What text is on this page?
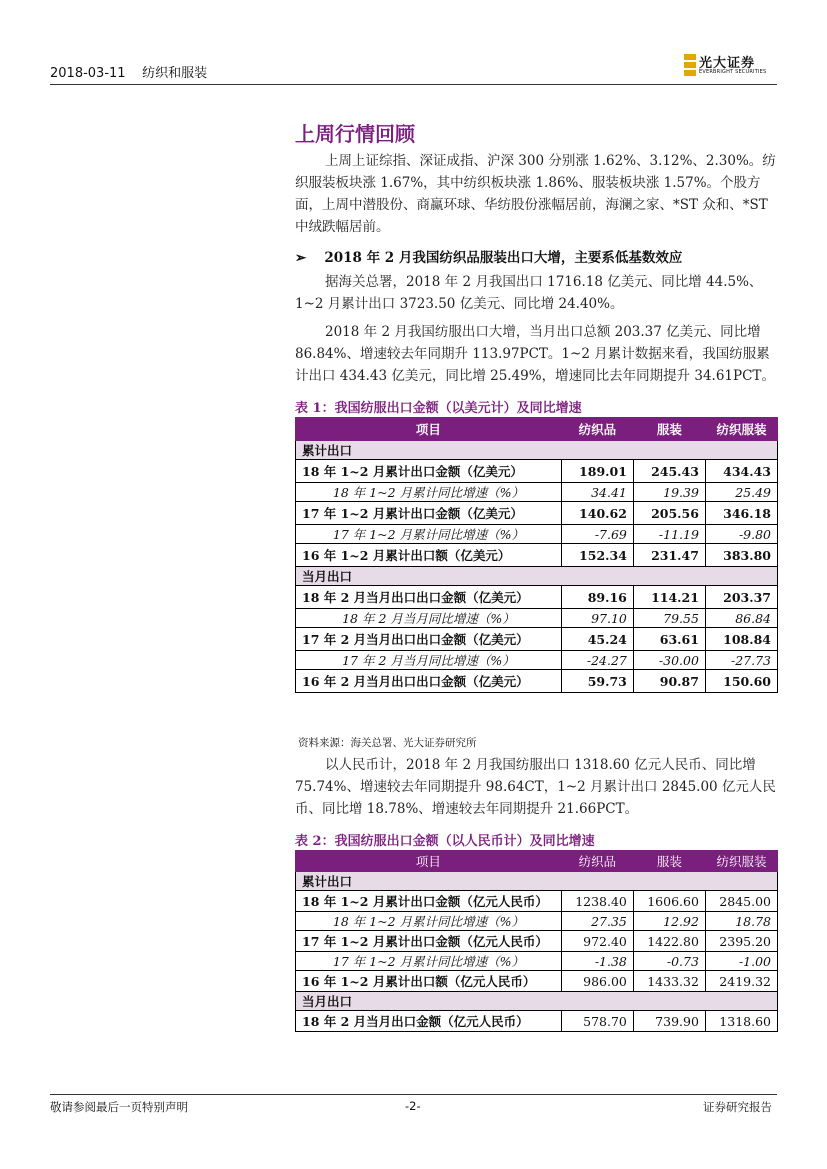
2018-03-11    纺织和服装
光大证券
EVERBRIGHT SECURITIES
上周行情回顾
上周上证综指、深证成指、沪深 300 分别涨 1.62%、3.12%、2.30%。纺织服装板块涨 1.67%，其中纺织板块涨 1.86%、服装板块涨 1.57%。个股方面，上周中潜股份、商赢环球、华纺股份涨幅居前，海澜之家、*ST 众和、*ST 中绒跌幅居前。
➢ 2018 年 2 月我国纺织品服装出口大增，主要系低基数效应
据海关总署，2018 年 2 月我国出口 1716.18 亿美元、同比增 44.5%、1~2 月累计出口 3723.50 亿美元、同比增 24.40%。
2018 年 2 月我国纺服出口大增，当月出口总额 203.37 亿美元、同比增 86.84%、增速较去年同期升 113.97PCT。1~2 月累计数据来看，我国纺服累计出口 434.43 亿美元，同比增 25.49%，增速同比去年同期提升 34.61PCT。
表 1：我国纺服出口金额（以美元计）及同比增速
项目	纺织品	服装	纺织服装
累计出口			
18 年 1~2 月累计出口金额（亿美元）	189.01	245.43	434.43
18 年 1~2 月累计同比增速（%）	34.41	19.39	25.49
17 年 1~2 月累计出口金额（亿美元）	140.62	205.56	346.18
17 年 1~2 月累计同比增速（%）	-7.69	-11.19	-9.80
16 年 1~2 月累计出口额（亿美元）	152.34	231.47	383.80
当月出口			
18 年 2 月当月出口出口金额（亿美元）	89.16	114.21	203.37
18 年 2 月当月同比增速（%）	97.10	79.55	86.84
17 年 2 月当月出口出口金额（亿美元）	45.24	63.61	108.84
17 年 2 月当月同比增速（%）	-24.27	-30.00	-27.73
16 年 2 月当月出口出口金额（亿美元）	59.73	90.87	150.60
资料来源：海关总署、光大证券研究所
以人民币计，2018 年 2 月我国纺服出口 1318.60 亿元人民币、同比增 75.74%、增速较去年同期提升 98.64CT，1~2 月累计出口 2845.00 亿元人民币、同比增 18.78%、增速较去年同期提升 21.66PCT。
表 2：我国纺服出口金额（以人民币计）及同比增速
项目	纺织品	服装	纺织服装
累计出口			
18 年 1~2 月累计出口金额（亿元人民币）	1238.40	1606.60	2845.00
18 年 1~2 月累计同比增速（%）	27.35	12.92	18.78
17 年 1~2 月累计出口金额（亿元人民币）	972.40	1422.80	2395.20
17 年 1~2 月累计同比增速（%）	-1.38	-0.73	-1.00
16 年 1~2 月累计出口额（亿元人民币）	986.00	1433.32	2419.32
当月出口			
18 年 2 月当月出口金额（亿元人民币）	578.70	739.90	1318.60
敬请参阅最后一页特别声明	-2-	证券研究报告
